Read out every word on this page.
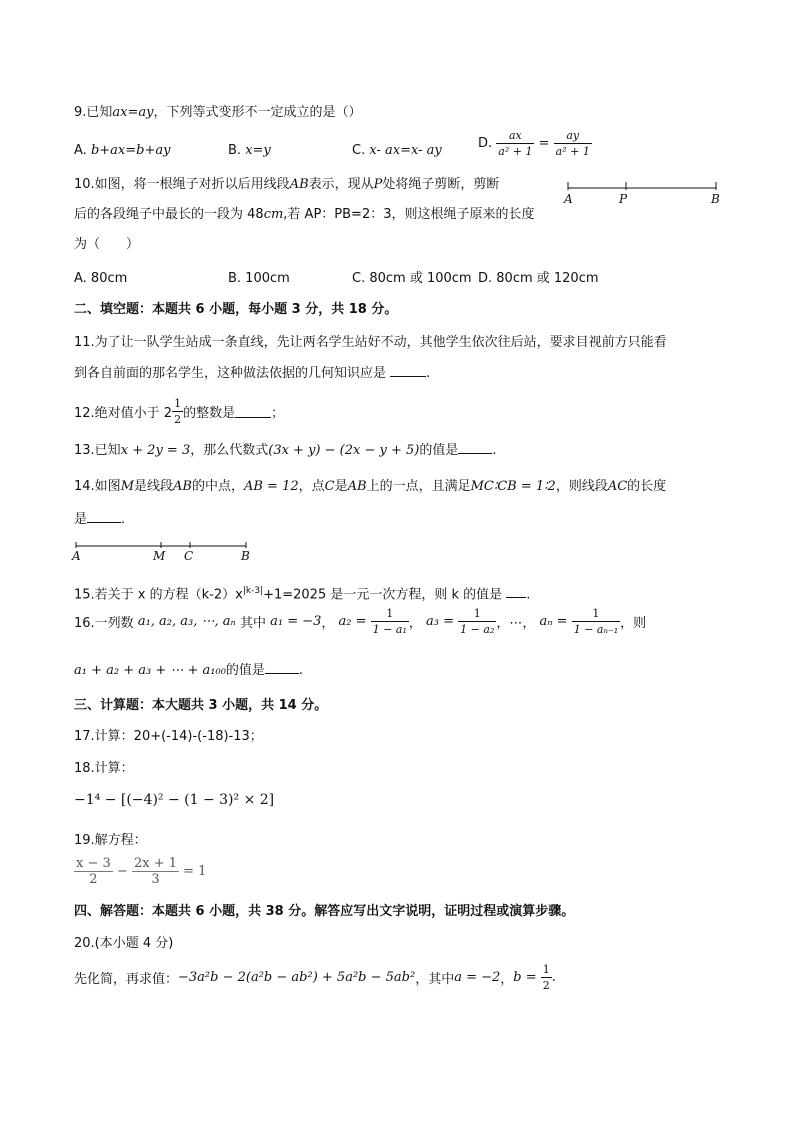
9.已知ax=ay，下列等式变形不一定成立的是（）
A. b+ax=b+ay	B. x=y	C. x- ax=x- ay	D. $\frac{ax}{\text{a² + 1}} = \frac{ay}{\text{a² + 1}}$
10.如图，将一根绳子对折以后用线段AB表示，现从P处将绳子剪断，剪断
后的各段绳子中最长的一段为 48cm,若 AP：PB=2：3，则这根绳子原来的长度
为（　　）
A	P	B
A. 80cm	B. 100cm	C. 80cm 或 100cm D. 80cm 或 120cm
二、填空题：本题共 6 小题，每小题 3 分，共 18 分。
11.为了让一队学生站成一条直线，先让两名学生站好不动，其他学生依次往后站，要求目视前方只能看
到各自前面的那名学生，这种做法依据的几何知识应是	.
12.绝对值小于 $2 \frac{1}{2}$ 的整数是	；
13.已知x + 2y = 3，那么代数式(3x + y) − (2x − y + 5)的值是	.
14.如图M是线段AB的中点，AB = 12，点C是AB上的一点，且满足MC∶CB = 1∶2，则线段AC的长度
是	.
A	M C	B
15.若关于 x 的方程$(k-2)x^{|k-3|}+1=2025$ 是一元一次方程，则 k 的值是 .
16.一列数 a₁, a₂, a₃, ⋯, aₙ 其中 a₁ = −3， $a_2 = \frac{1}{\text{1 − a₁}}$ ， $a_3 = \frac{1}{\text{1 − a₂}}$ ，⋯， $a_n = \frac{1}{\text{1 − aₙ₋₁}}$ ，则
a₁ + a₂ + a₃ + ⋯ + a₁₀₀的值是	.
三、计算题：本大题共 3 小题，共 14 分。
17.计算：20+(-14)-(-18)-13；
18.计算：
−1⁴ − [(−4)² − (1 − 3)² × 2]
19.解方程：
$\frac{x - 3}{2} - \frac{2x + 1}{3} = 1$
四、解答题：本题共 6 小题，共 38 分。解答应写出文字说明，证明过程或演算步骤。
20.(本小题 4 分)
先化简，再求值：−3a²b − 2(a²b − ab²) + 5a²b − 5ab²，其中a = −2，$b = \frac{1}{2}$ .
